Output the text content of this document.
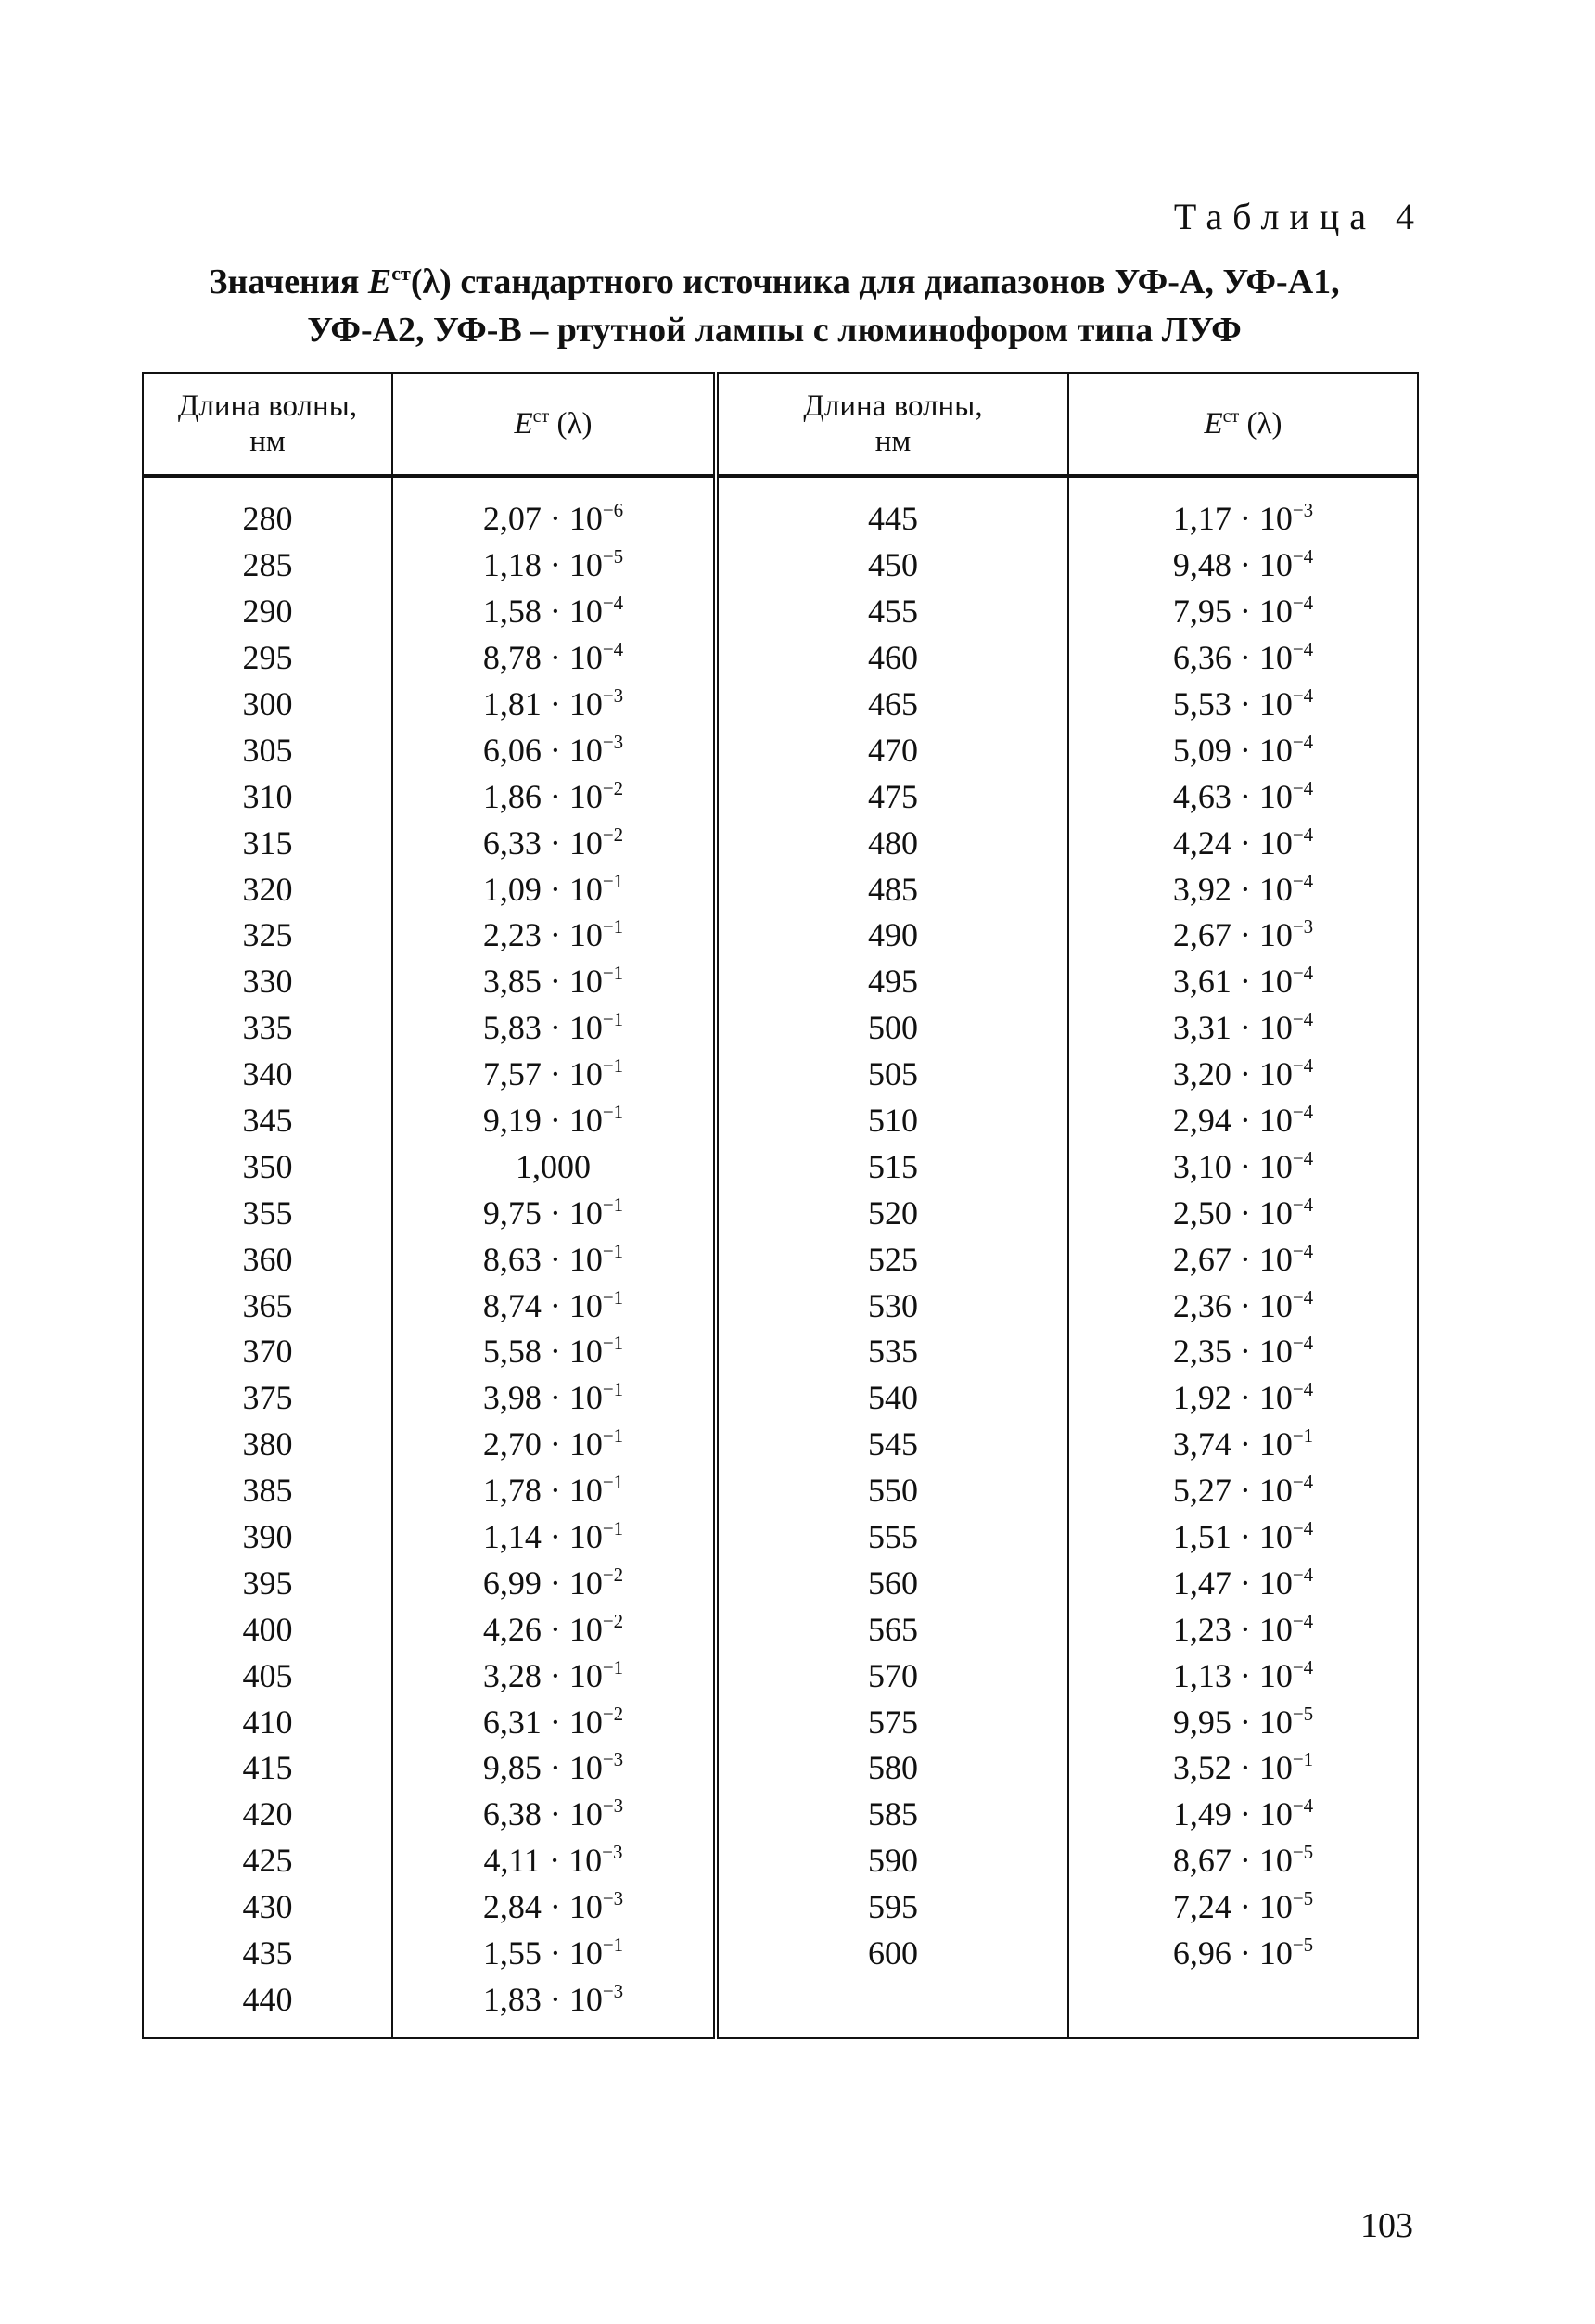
Таблица 4
Значения $E^{ст}(\lambda)$ стандартного источника для диапазонов УФ-А, УФ-А1,
УФ-А2, УФ-В – ртутной лампы с люминофором типа ЛУФ
Длина волны,
нм	$E^{ст}$ (λ)	Длина волны,
нм	$E^{ст}$ (λ)
280	$2,07 \cdot 10^{-6}$	445	$1,17 \cdot 10^{-3}$
285	$1,18 \cdot 10^{-5}$	450	$9,48 \cdot 10^{-4}$
290	$1,58 \cdot 10^{-4}$	455	$7,95 \cdot 10^{-4}$
295	$8,78 \cdot 10^{-4}$	460	$6,36 \cdot 10^{-4}$
300	$1,81 \cdot 10^{-3}$	465	$5,53 \cdot 10^{-4}$
305	$6,06 \cdot 10^{-3}$	470	$5,09 \cdot 10^{-4}$
310	$1,86 \cdot 10^{-2}$	475	$4,63 \cdot 10^{-4}$
315	$6,33 \cdot 10^{-2}$	480	$4,24 \cdot 10^{-4}$
320	$1,09 \cdot 10^{-1}$	485	$3,92 \cdot 10^{-4}$
325	$2,23 \cdot 10^{-1}$	490	$2,67 \cdot 10^{-3}$
330	$3,85 \cdot 10^{-1}$	495	$3,61 \cdot 10^{-4}$
335	$5,83 \cdot 10^{-1}$	500	$3,31 \cdot 10^{-4}$
340	$7,57 \cdot 10^{-1}$	505	$3,20 \cdot 10^{-4}$
345	$9,19 \cdot 10^{-1}$	510	$2,94 \cdot 10^{-4}$
350	1,000	515	$3,10 \cdot 10^{-4}$
355	$9,75 \cdot 10^{-1}$	520	$2,50 \cdot 10^{-4}$
360	$8,63 \cdot 10^{-1}$	525	$2,67 \cdot 10^{-4}$
365	$8,74 \cdot 10^{-1}$	530	$2,36 \cdot 10^{-4}$
370	$5,58 \cdot 10^{-1}$	535	$2,35 \cdot 10^{-4}$
375	$3,98 \cdot 10^{-1}$	540	$1,92 \cdot 10^{-4}$
380	$2,70 \cdot 10^{-1}$	545	$3,74 \cdot 10^{-1}$
385	$1,78 \cdot 10^{-1}$	550	$5,27 \cdot 10^{-4}$
390	$1,14 \cdot 10^{-1}$	555	$1,51 \cdot 10^{-4}$
395	$6,99 \cdot 10^{-2}$	560	$1,47 \cdot 10^{-4}$
400	$4,26 \cdot 10^{-2}$	565	$1,23 \cdot 10^{-4}$
405	$3,28 \cdot 10^{-1}$	570	$1,13 \cdot 10^{-4}$
410	$6,31 \cdot 10^{-2}$	575	$9,95 \cdot 10^{-5}$
415	$9,85 \cdot 10^{-3}$	580	$3,52 \cdot 10^{-1}$
420	$6,38 \cdot 10^{-3}$	585	$1,49 \cdot 10^{-4}$
425	$4,11 \cdot 10^{-3}$	590	$8,67 \cdot 10^{-5}$
430	$2,84 \cdot 10^{-3}$	595	$7,24 \cdot 10^{-5}$
435	$1,55 \cdot 10^{-1}$	600	$6,96 \cdot 10^{-5}$
440	$1,83 \cdot 10^{-3}$		
103
